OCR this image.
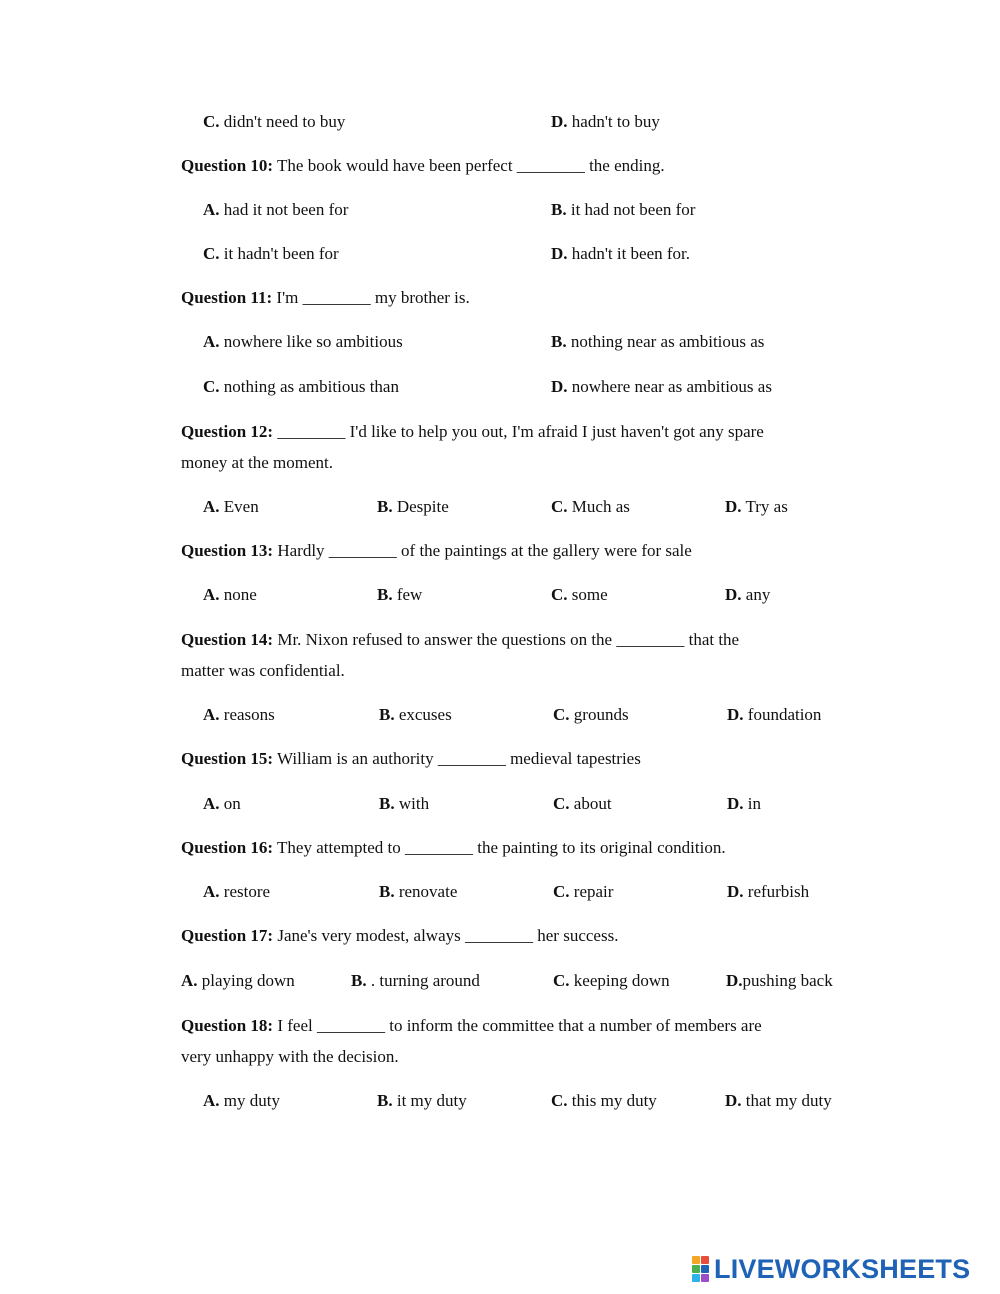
C. didn't need to buy	D. hadn't to buy
Question 10: The book would have been perfect ________ the ending.
A. had it not been for	B. it had not been for
C. it hadn't been for	D. hadn't it been for.
Question 11: I'm ________ my brother is.
A. nowhere like so ambitious	B. nothing near as ambitious as
C. nothing as ambitious than	D. nowhere near as ambitious as
Question 12: ________ I'd like to help you out, I'm afraid I just haven't got any spare
money at the moment.
A. Even	B. Despite	C. Much as	D. Try as
Question 13: Hardly ________ of the paintings at the gallery were for sale
A. none	B. few	C. some	D. any
Question 14: Mr. Nixon refused to answer the questions on the ________ that the
matter was confidential.
A. reasons	B. excuses	C. grounds	D. foundation
Question 15: William is an authority ________ medieval tapestries
A. on	B. with	C. about	D. in
Question 16: They attempted to ________ the painting to its original condition.
A. restore	B. renovate	C. repair	D. refurbish
Question 17: Jane's very modest, always ________ her success.
A. playing down	B. . turning around	C. keeping down	D.pushing back
Question 18: I feel ________ to inform the committee that a number of members are
very unhappy with the decision.
A. my duty	B. it my duty	C. this my duty	D. that my duty
LIVEWORKSHEETS
